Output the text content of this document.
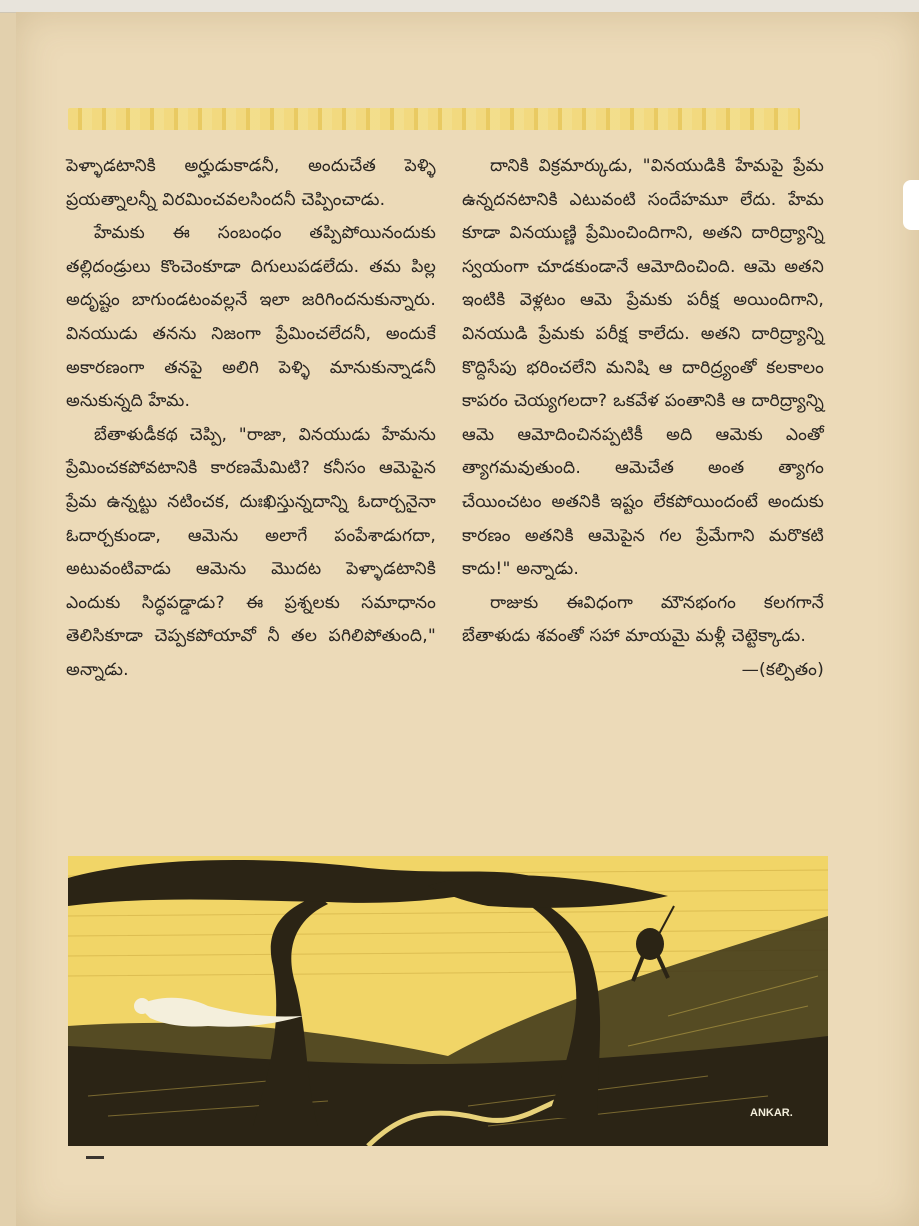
పెళ్ళాడటానికి అర్హుడుకాడనీ, అందుచేత పెళ్ళి ప్రయత్నాలన్నీ విరమించవలసిందనీ చెప్పించాడు.

హేమకు ఈ సంబంధం తప్పిపోయినందుకు తల్లిదండ్రులు కొంచెంకూడా దిగులుపడలేదు. తమ పిల్ల అదృష్టం బాగుండటంవల్లనే ఇలా జరిగిందనుకున్నారు. వినయుడు తనను నిజంగా ప్రేమించలేదనీ, అందుకే అకారణంగా తనపై అలిగి పెళ్ళి మానుకున్నాడనీ అనుకున్నది హేమ.

బేతాళుడీకథ చెప్పి, "రాజా, వినయుడు హేమను ప్రేమించకపోవటానికి కారణమేమిటి? కనీసం ఆమెపైన ప్రేమ ఉన్నట్టు నటించక, దుఃఖిస్తున్నదాన్ని ఓదార్చనైనా ఓదార్చకుండా, ఆమెను అలాగే పంపేశాడుగదా, అటువంటివాడు ఆమెను మొదట పెళ్ళాడటానికి ఎందుకు సిద్ధపడ్డాడు? ఈ ప్రశ్నలకు సమాధానం తెలిసికూడా చెప్పకపోయావో నీ తల పగిలిపోతుంది," అన్నాడు.

దానికి విక్రమార్కుడు, "వినయుడికి హేమపై ప్రేమ ఉన్నదనటానికి ఎటువంటి సందేహమూ లేదు. హేమ కూడా వినయుణ్ణి ప్రేమించిందిగాని, అతని దారిద్ర్యాన్ని స్వయంగా చూడకుండానే ఆమోదించింది. ఆమె అతని ఇంటికి వెళ్లటం ఆమె ప్రేమకు పరీక్ష అయిందిగాని, వినయుడి ప్రేమకు పరీక్ష కాలేదు. అతని దారిద్ర్యాన్ని కొద్దిసేపు భరించలేని మనిషి ఆ దారిద్ర్యంతో కలకాలం కాపరం చెయ్యగలదా? ఒకవేళ పంతానికి ఆ దారిద్ర్యాన్ని ఆమె ఆమోదించినప్పటికీ అది ఆమెకు ఎంతో త్యాగమవుతుంది. ఆమెచేత అంత త్యాగం చేయించటం అతనికి ఇష్టం లేకపోయిందంటే అందుకు కారణం అతనికి ఆమెపైన గల ప్రేమేగాని మరొకటి కాదు!" అన్నాడు.

రాజుకు ఈవిధంగా మౌనభంగం కలగగానే బేతాళుడు శవంతో సహా మాయమై మళ్లీ చెట్టెక్కాడు.

—(కల్పితం)
ANKAR.
